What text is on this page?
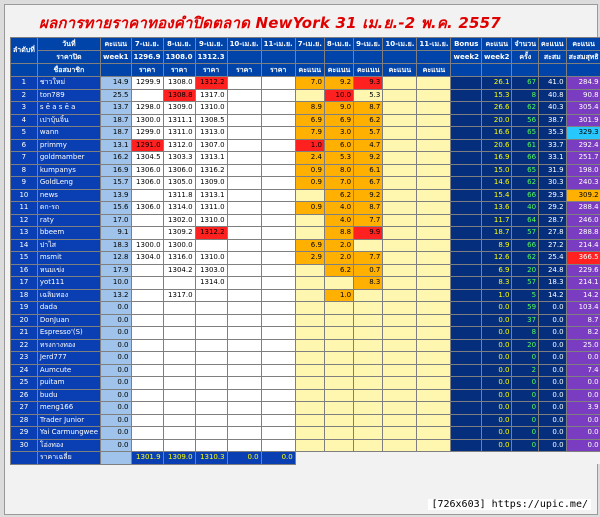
ผลการทายราคาทองคำปิดตลาด NewYork 31 เม.ย.-2 พ.ค. 2557
ลำดับที่	วันที่	คะแนน	7-เม.ย.	8-เม.ย.	9-เม.ย.	10-เม.ย.	11-เม.ย.	7-เม.ย.	8-เม.ย.	9-เม.ย.	10-เม.ย.	11-เม.ย.	Bonus	คะแนน	จำนวน	คะแนน	คะแนน
	ราคาปิด	week1	1296.9	1308.0	1312.3								week2	week2	ครั้ง	สะสม	สะสมสุทธิ
	ชื่อสมาชิก		ราคา	ราคา	ราคา	ราคา	ราคา	คะแนน	คะแนน	คะแนน	คะแนน	คะแนน					
1	ชาวใหม่	14.9	1299.9	1308.0	1312.2			7.0	9.2	9.3				26.1	67	41.0	284.9
2	ton789	25.5		1308.8	1317.0				10.0	5.3				15.3	8	40.8	90.8
3	s ē a s ē a	13.7	1298.0	1309.0	1310.0			8.9	9.0	8.7				26.6	62	40.3	305.4
4	เปาบุ้นจิ้น	18.7	1300.0	1311.1	1308.5			6.9	6.9	6.2				20.0	56	38.7	301.9
5	wann	18.7	1299.0	1311.0	1313.0			7.9	3.0	5.7				16.6	65	35.3	329.3
6	primmy	13.1	1291.0	1312.0	1307.0			1.0	6.0	4.7				20.6	61	33.7	292.4
7	goldmamber	16.2	1304.5	1303.3	1313.1			2.4	5.3	9.2				16.9	66	33.1	251.7
8	kumpanys	16.9	1306.0	1306.0	1316.2			0.9	8.0	6.1				15.0	65	31.9	198.0
9	GoldLeng	15.7	1306.0	1305.0	1309.0			0.9	7.0	6.7				14.6	62	30.3	240.3
10	news	13.9		1311.8	1313.1				6.2	9.2				15.4	66	29.3	309.2
11	ดก-รถ	15.6	1306.0	1314.0	1311.0			0.9	4.0	8.7				13.6	40	29.2	288.4
12	raty	17.0		1302.0	1310.0				4.0	7.7				11.7	64	28.7	246.0
13	bbeem	9.1		1309.2	1312.2				8.8	9.9				18.7	57	27.8	288.8
14	ปาไส	18.3	1300.0	1300.0				6.9	2.0					8.9	66	27.2	214.4
15	msmit	12.8	1304.0	1316.0	1310.0			2.9	2.0	7.7				12.6	62	25.4	366.5
16	หนมเข่ง	17.9		1304.2	1303.0				6.2	0.7				6.9	20	24.8	229.6
17	yot111	10.0			1314.0					8.3				8.3	57	18.3	214.1
18	เฉลิมทอง	13.2		1317.0					1.0					1.0	5	14.2	14.2
19	dada	0.0												0.0	59	0.0	103.4
20	DonJuan	0.0												0.0	37	0.0	8.7
21	Espresso'(S)	0.0												0.0	8	0.0	8.2
22	ทรงกางทอง	0.0												0.0	20	0.0	25.0
23	Jerd777	0.0												0.0	0	0.0	0.0
24	Aumcute	0.0												0.0	2	0.0	7.4
25	puitam	0.0												0.0	0	0.0	0.0
26	budu	0.0												0.0	0	0.0	0.0
27	meng166	0.0												0.0	0	0.0	3.9
28	Trader Junior	0.0												0.0	0	0.0	0.0
29	Yai Carmungwee	0.0												0.0	0	0.0	0.0
30	โอ่งทอง	0.0												0.0	0	0.0	0.0
	ราคาเฉลี่ย		1301.9	1309.0	1310.3	0.0	0.0										
[726x603] https://upic.me/
